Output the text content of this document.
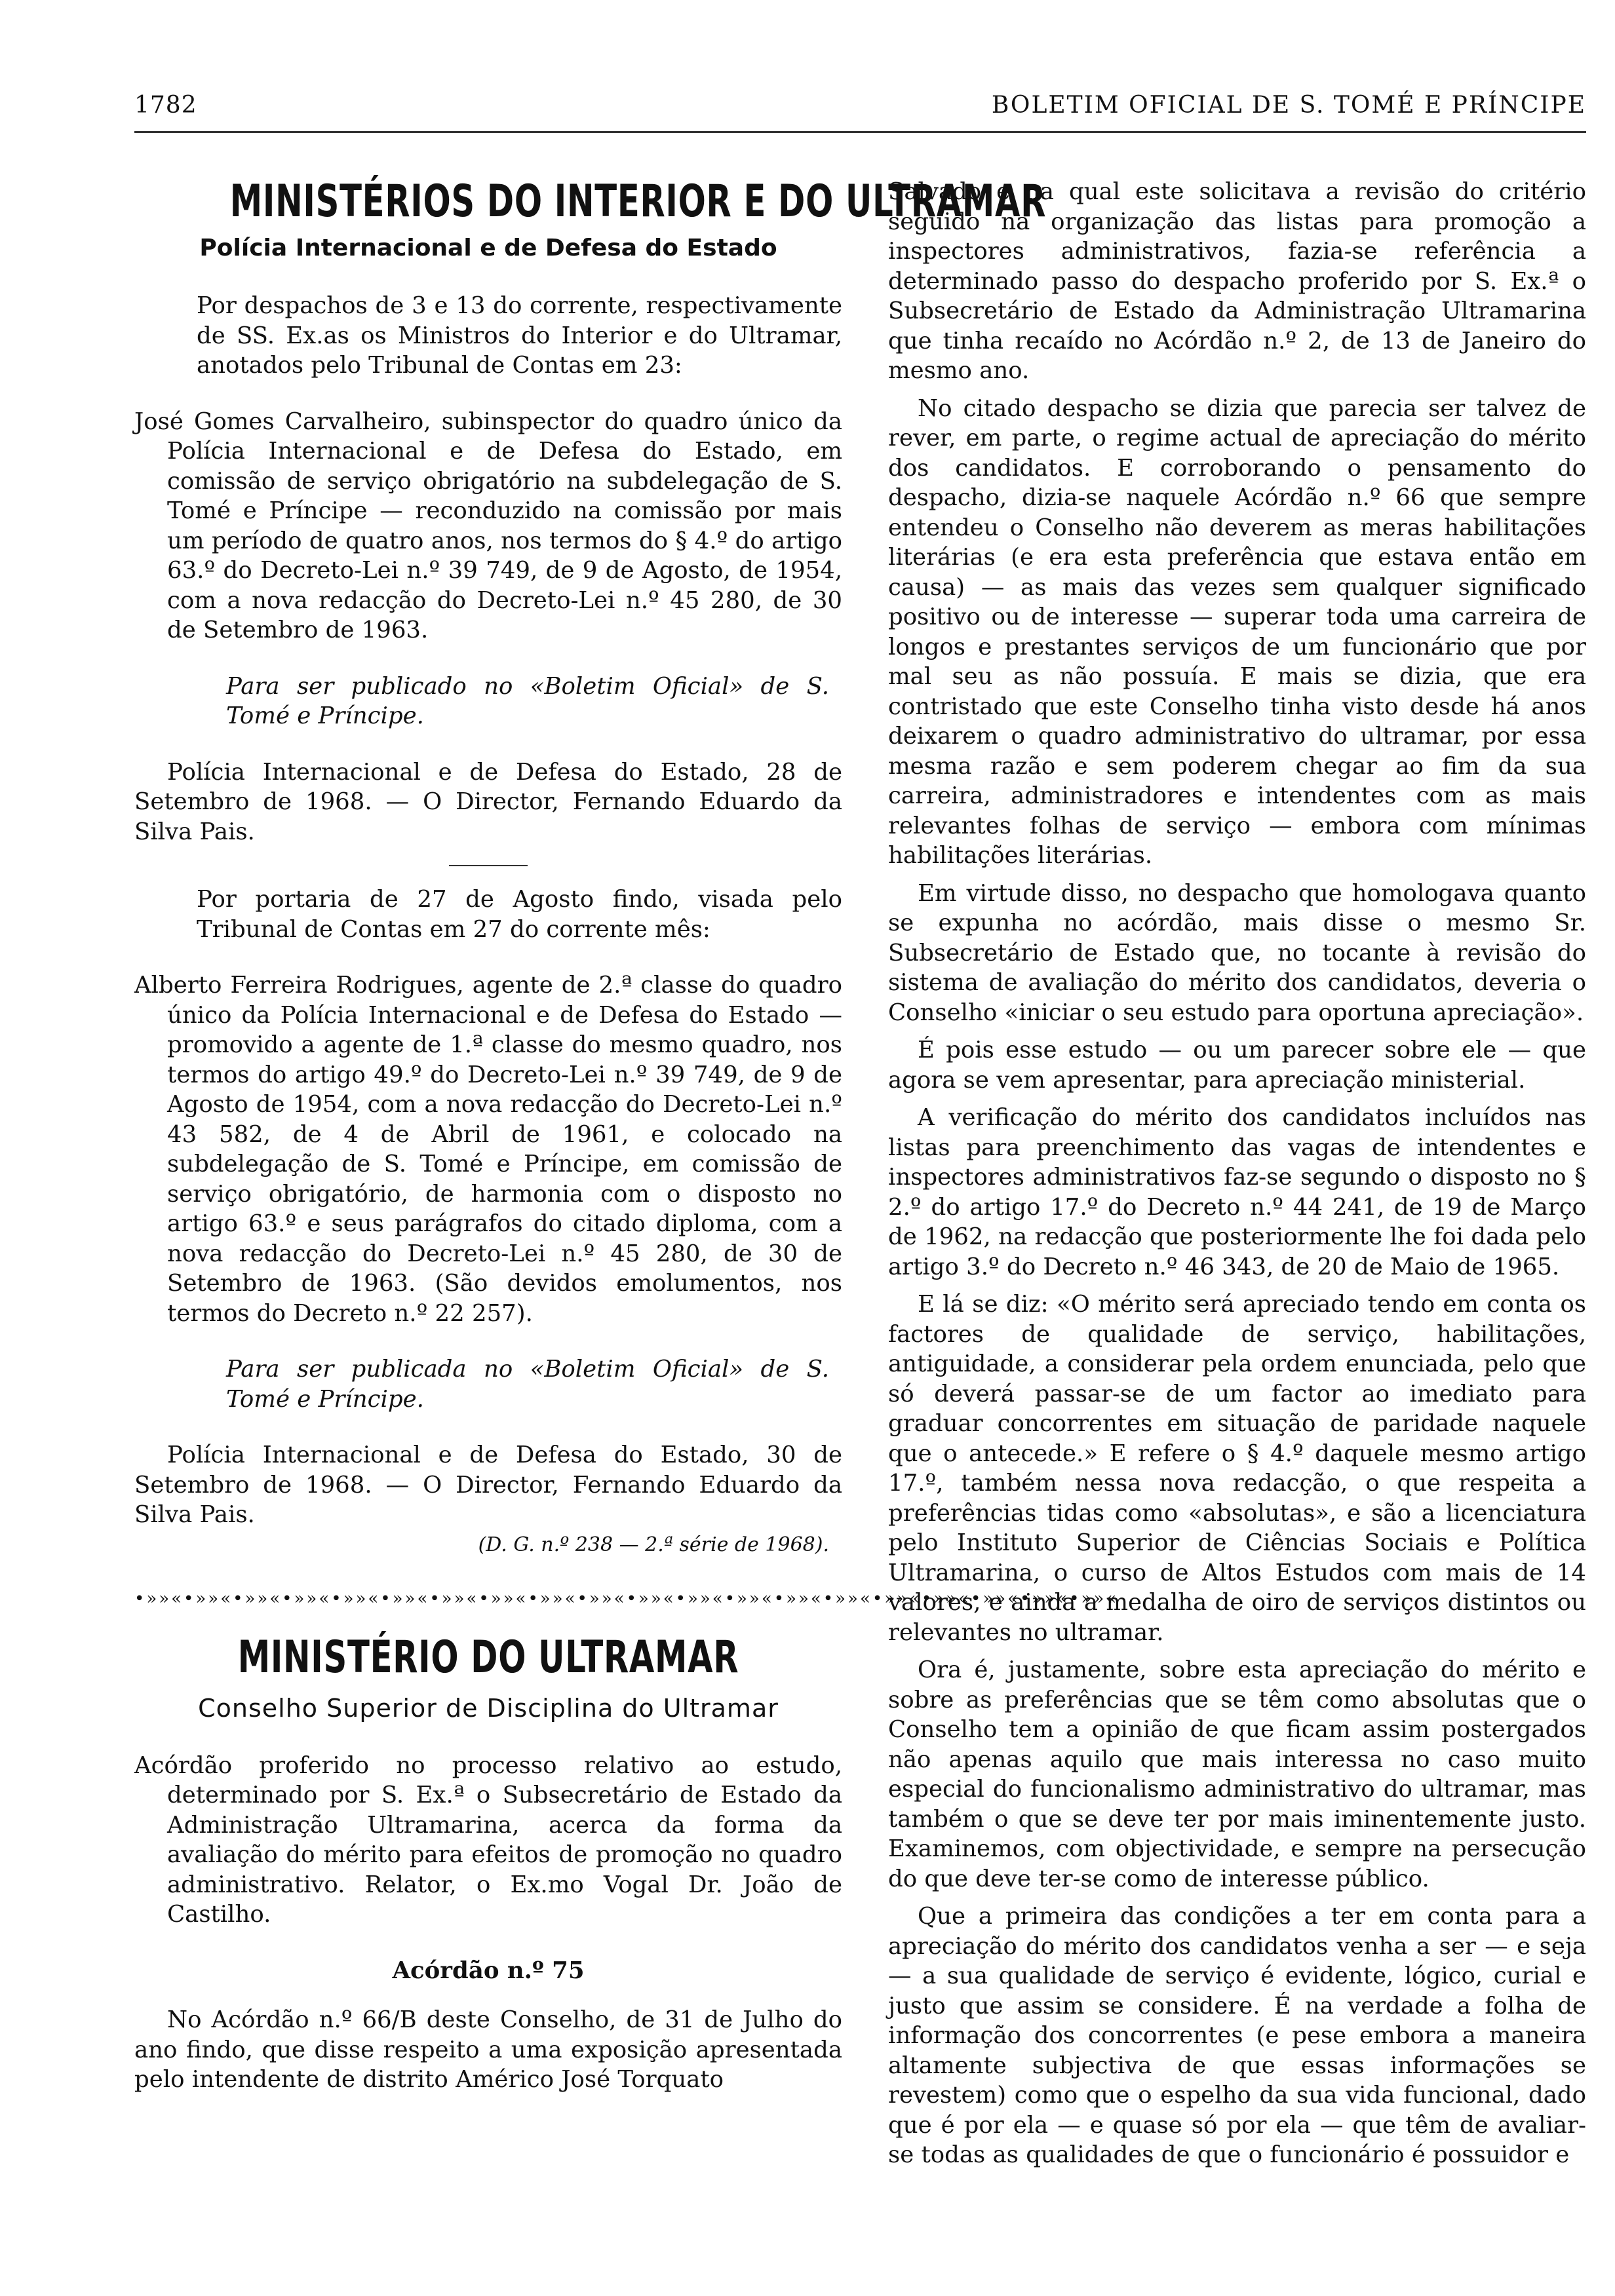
1782	BOLETIM OFICIAL DE S. TOMÉ E PRÍNCIPE
MINISTÉRIOS DO INTERIOR E DO ULTRAMAR
Polícia Internacional e de Defesa do Estado

Por despachos de 3 e 13 do corrente, respectivamente de SS. Ex.as os Ministros do Interior e do Ultramar, anotados pelo Tribunal de Contas em 23:

José Gomes Carvalheiro, subinspector do quadro único da Polícia Internacional e de Defesa do Estado, em comissão de serviço obrigatório na subdelegação de S. Tomé e Príncipe — reconduzido na comissão por mais um período de quatro anos, nos termos do § 4.º do artigo 63.º do Decreto-Lei n.º 39 749, de 9 de Agosto, de 1954, com a nova redacção do Decreto-Lei n.º 45 280, de 30 de Setembro de 1963.

Para ser publicado no «Boletim Oficial» de S. Tomé e Príncipe.

Polícia Internacional e de Defesa do Estado, 28 de Setembro de 1968. — O Director, Fernando Eduardo da Silva Pais.

Por portaria de 27 de Agosto findo, visada pelo Tribunal de Contas em 27 do corrente mês:

Alberto Ferreira Rodrigues, agente de 2.ª classe do quadro único da Polícia Internacional e de Defesa do Estado — promovido a agente de 1.ª classe do mesmo quadro, nos termos do artigo 49.º do Decreto-Lei n.º 39 749, de 9 de Agosto de 1954, com a nova redacção do Decreto-Lei n.º 43 582, de 4 de Abril de 1961, e colocado na subdelegação de S. Tomé e Príncipe, em comissão de serviço obrigatório, de harmonia com o disposto no artigo 63.º e seus parágrafos do citado diploma, com a nova redacção do Decreto-Lei n.º 45 280, de 30 de Setembro de 1963. (São devidos emolumentos, nos termos do Decreto n.º 22 257).

Para ser publicada no «Boletim Oficial» de S. Tomé e Príncipe.

Polícia Internacional e de Defesa do Estado, 30 de Setembro de 1968. — O Director, Fernando Eduardo da Silva Pais.

(D. G. n.º 238 — 2.ª série de 1968).

•»»«•»»«•»»«•»»«•»»«•»»«•»»«•»»«•»»«•»»«•»»«•»»«•»»«•»»«•»»«•»»«•»»«•»»«•»»«•»»«
MINISTÉRIO DO ULTRAMAR
Conselho Superior de Disciplina do Ultramar

Acórdão proferido no processo relativo ao estudo, determinado por S. Ex.ª o Subsecretário de Estado da Administração Ultramarina, acerca da forma da avaliação do mérito para efeitos de promoção no quadro administrativo. Relator, o Ex.mo Vogal Dr. João de Castilho.

Acórdão n.º 75

No Acórdão n.º 66/B deste Conselho, de 31 de Julho do ano findo, que disse respeito a uma exposição apresentada pelo intendente de distrito Américo José Torquato

Salvado e na qual este solicitava a revisão do critério seguido na organização das listas para promoção a inspectores administrativos, fazia-se referência a determinado passo do despacho proferido por S. Ex.ª o Subsecretário de Estado da Administração Ultramarina que tinha recaído no Acórdão n.º 2, de 13 de Janeiro do mesmo ano.

No citado despacho se dizia que parecia ser talvez de rever, em parte, o regime actual de apreciação do mérito dos candidatos. E corroborando o pensamento do despacho, dizia-se naquele Acórdão n.º 66 que sempre entendeu o Conselho não deverem as meras habilitações literárias (e era esta preferência que estava então em causa) — as mais das vezes sem qualquer significado positivo ou de interesse — superar toda uma carreira de longos e prestantes serviços de um funcionário que por mal seu as não possuía. E mais se dizia, que era contristado que este Conselho tinha visto desde há anos deixarem o quadro administrativo do ultramar, por essa mesma razão e sem poderem chegar ao fim da sua carreira, administradores e intendentes com as mais relevantes folhas de serviço — embora com mínimas habilitações literárias.

Em virtude disso, no despacho que homologava quanto se expunha no acórdão, mais disse o mesmo Sr. Subsecretário de Estado que, no tocante à revisão do sistema de avaliação do mérito dos candidatos, deveria o Conselho «iniciar o seu estudo para oportuna apreciação».

É pois esse estudo — ou um parecer sobre ele — que agora se vem apresentar, para apreciação ministerial.

A verificação do mérito dos candidatos incluídos nas listas para preenchimento das vagas de intendentes e inspectores administrativos faz-se segundo o disposto no § 2.º do artigo 17.º do Decreto n.º 44 241, de 19 de Março de 1962, na redacção que posteriormente lhe foi dada pelo artigo 3.º do Decreto n.º 46 343, de 20 de Maio de 1965.

E lá se diz: «O mérito será apreciado tendo em conta os factores de qualidade de serviço, habilitações, antiguidade, a considerar pela ordem enunciada, pelo que só deverá passar-se de um factor ao imediato para graduar concorrentes em situação de paridade naquele que o antecede.» E refere o § 4.º daquele mesmo artigo 17.º, também nessa nova redacção, o que respeita a preferências tidas como «absolutas», e são a licenciatura pelo Instituto Superior de Ciências Sociais e Política Ultramarina, o curso de Altos Estudos com mais de 14 valores, e ainda a medalha de oiro de serviços distintos ou relevantes no ultramar.

Ora é, justamente, sobre esta apreciação do mérito e sobre as preferências que se têm como absolutas que o Conselho tem a opinião de que ficam assim postergados não apenas aquilo que mais interessa no caso muito especial do funcionalismo administrativo do ultramar, mas também o que se deve ter por mais iminentemente justo. Examinemos, com objectividade, e sempre na persecução do que deve ter-se como de interesse público.

Que a primeira das condições a ter em conta para a apreciação do mérito dos candidatos venha a ser — e seja — a sua qualidade de serviço é evidente, lógico, curial e justo que assim se considere. É na verdade a folha de informação dos concorrentes (e pese embora a maneira altamente subjectiva de que essas informações se revestem) como que o espelho da sua vida funcional, dado que é por ela — e quase só por ela — que têm de avaliar-se todas as qualidades de que o funcionário é possuidor e
